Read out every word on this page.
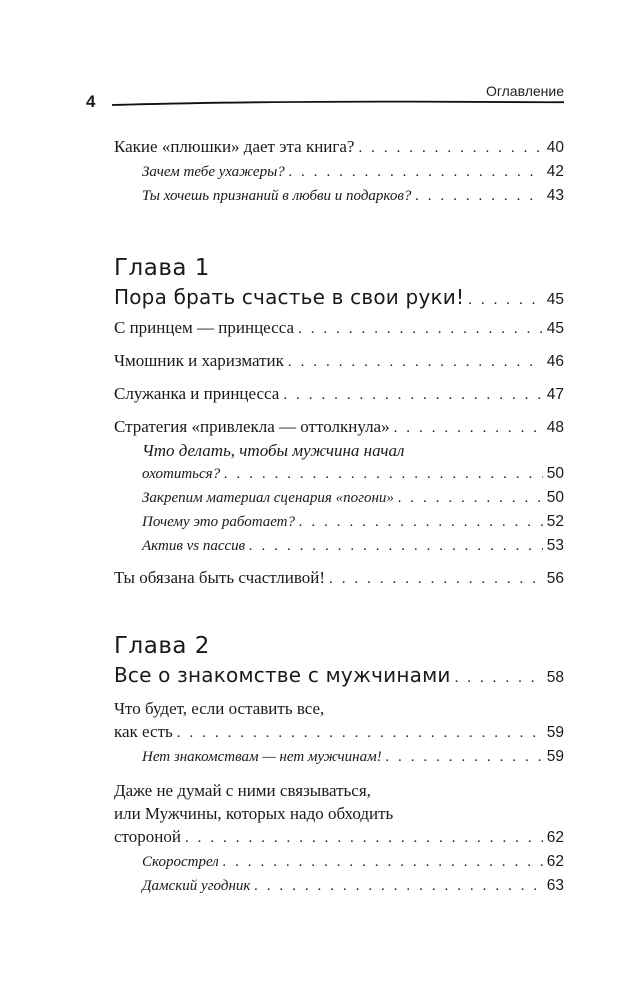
Оглавление
4
Какие «плюшки» дает эта книга? . . .	40
Зачем тебе ухажеры? . . .	42
Ты хочешь признаний в любви и подарков? . . .	43
Глава 1
Пора брать счастье в свои руки! . . .	45
С принцем — принцесса . . .	45
Чмошник и харизматик . . .	46
Служанка и принцесса . . .	47
Стратегия «привлекла — оттолкнула» . . .	48
Что делать, чтобы мужчина начал
охотиться? . . .	50
Закрепим материал сценария «погони» . . .	50
Почему это работает? . . .	52
Актив vs пассив . . .	53
Ты обязана быть счастливой! . . .	56
Глава 2
Все о знакомстве с мужчинами . . .	58
Что будет, если оставить все,
как есть . . .	59
Нет знакомствам — нет мужчинам! . . .	59
Даже не думай с ними связываться,
или Мужчины, которых надо обходить
стороной . . .	62
Скорострел . . .	62
Дамский угодник . . .	63
